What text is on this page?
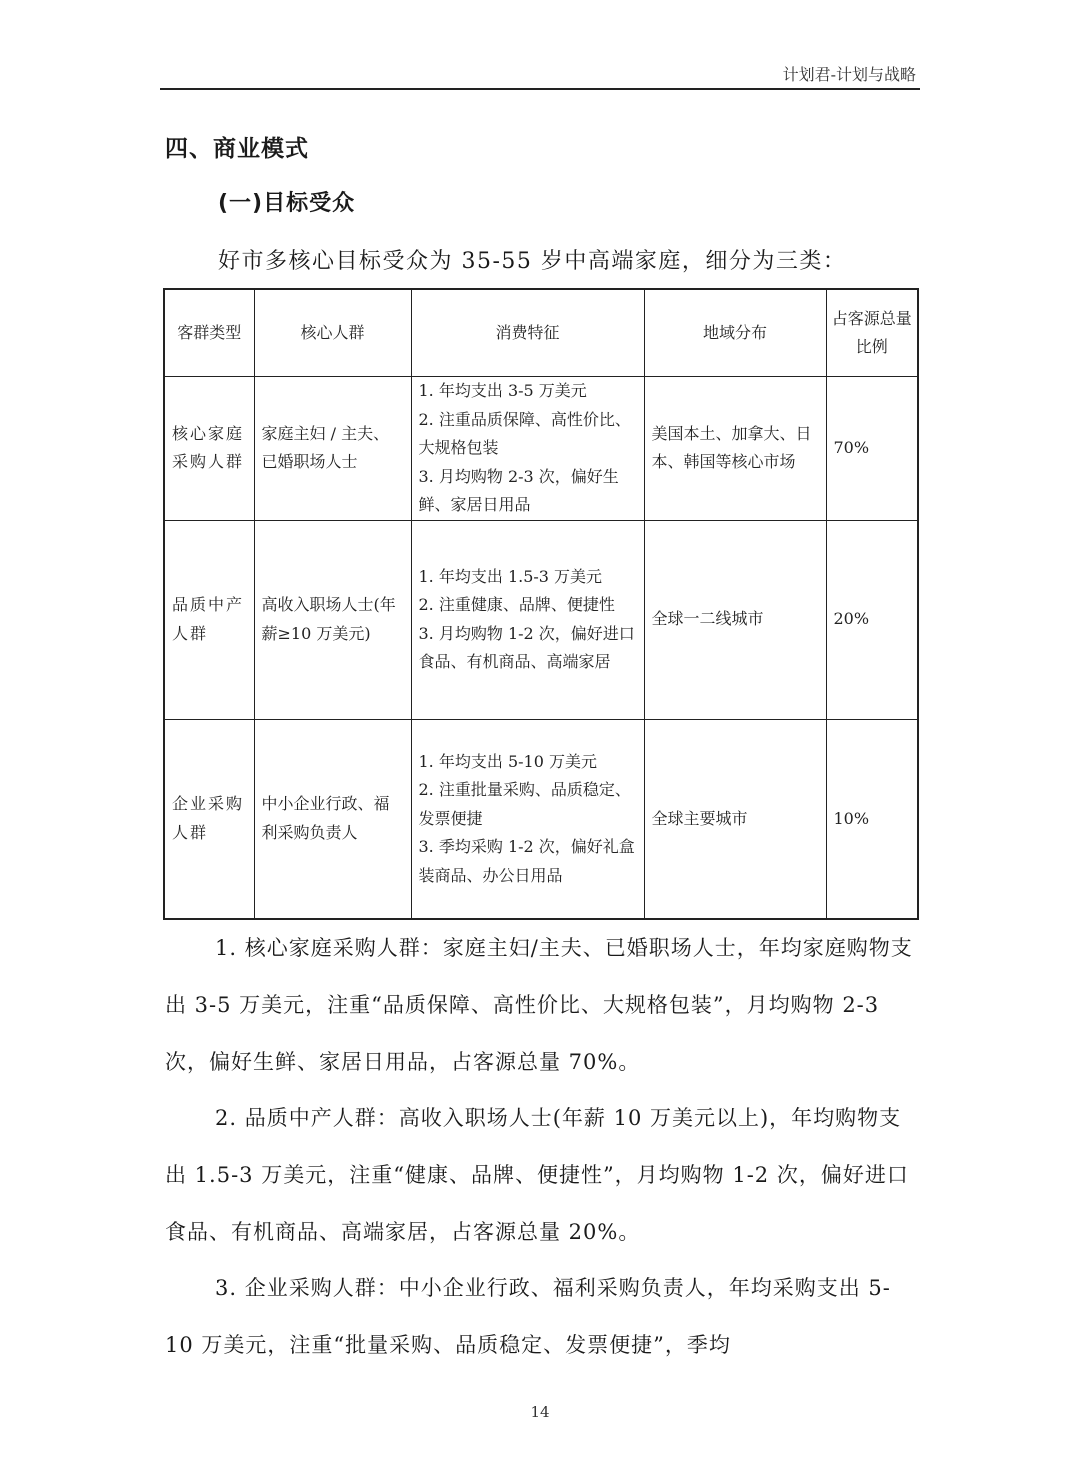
计划君-计划与战略
四、商业模式
(一)目标受众
好市多核心目标受众为 35-55 岁中高端家庭，细分为三类：
客群类型	核心人群	消费特征	地域分布	占客源总量比例
核心家庭采购人群	家庭主妇 / 主夫、已婚职场人士	1. 年均支出 3-5 万美元
2. 注重品质保障、高性价比、大规格包装
3. 月均购物 2-3 次，偏好生鲜、家居日用品	美国本土、加拿大、日本、韩国等核心市场	70%
品质中产人群	高收入职场人士(年薪≥10 万美元)	1. 年均支出 1.5-3 万美元
2. 注重健康、品牌、便捷性
3. 月均购物 1-2 次，偏好进口食品、有机商品、高端家居	全球一二线城市	20%
企业采购人群	中小企业行政、福利采购负责人	1. 年均支出 5-10 万美元
2. 注重批量采购、品质稳定、发票便捷
3. 季均采购 1-2 次，偏好礼盒装商品、办公日用品	全球主要城市	10%
1. 核心家庭采购人群：家庭主妇/主夫、已婚职场人士，年均家庭购物支出 3-5 万美元，注重“品质保障、高性价比、大规格包装”，月均购物 2-3 次，偏好生鲜、家居日用品，占客源总量 70%。
2. 品质中产人群：高收入职场人士(年薪 10 万美元以上)，年均购物支出 1.5-3 万美元，注重“健康、品牌、便捷性”，月均购物 1-2 次，偏好进口食品、有机商品、高端家居，占客源总量 20%。
3. 企业采购人群：中小企业行政、福利采购负责人，年均采购支出 5-10 万美元，注重“批量采购、品质稳定、发票便捷”，季均
14
